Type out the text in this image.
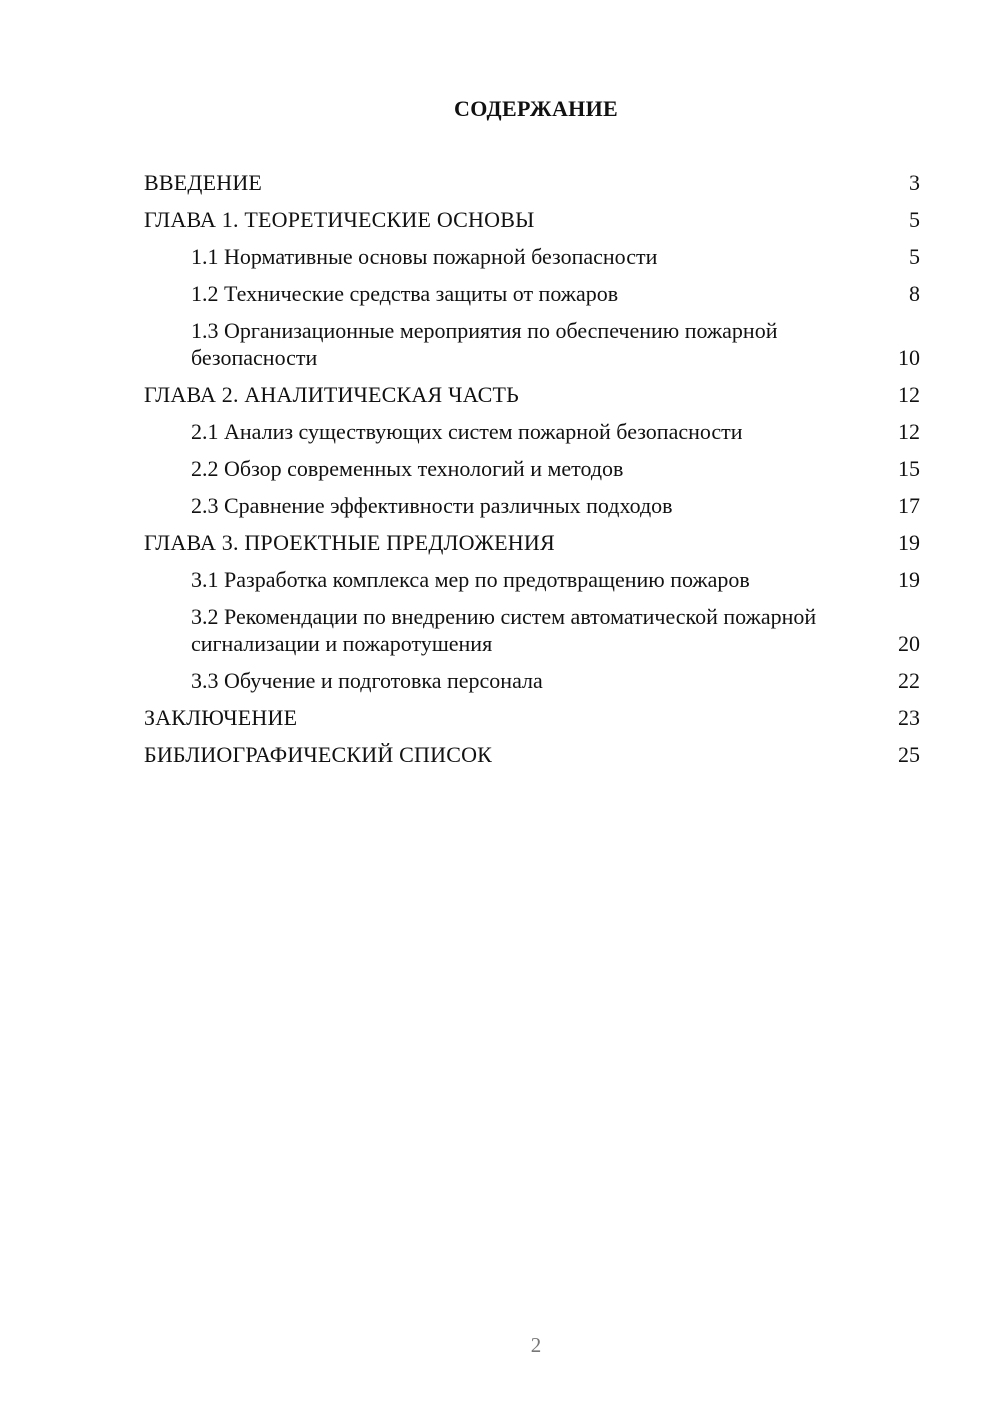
СОДЕРЖАНИЕ
ВВЕДЕНИЕ	3
ГЛАВА 1. ТЕОРЕТИЧЕСКИЕ ОСНОВЫ	5
1.1 Нормативные основы пожарной безопасности	5
1.2 Технические средства защиты от пожаров	8
1.3 Организационные мероприятия по обеспечению пожарной безопасности	10
ГЛАВА 2. АНАЛИТИЧЕСКАЯ ЧАСТЬ	12
2.1 Анализ существующих систем пожарной безопасности	12
2.2 Обзор современных технологий и методов	15
2.3 Сравнение эффективности различных подходов	17
ГЛАВА 3. ПРОЕКТНЫЕ ПРЕДЛОЖЕНИЯ	19
3.1 Разработка комплекса мер по предотвращению пожаров	19
3.2 Рекомендации по внедрению систем автоматической пожарной сигнализации и пожаротушения	20
3.3 Обучение и подготовка персонала	22
ЗАКЛЮЧЕНИЕ	23
БИБЛИОГРАФИЧЕСКИЙ СПИСОК	25
2
